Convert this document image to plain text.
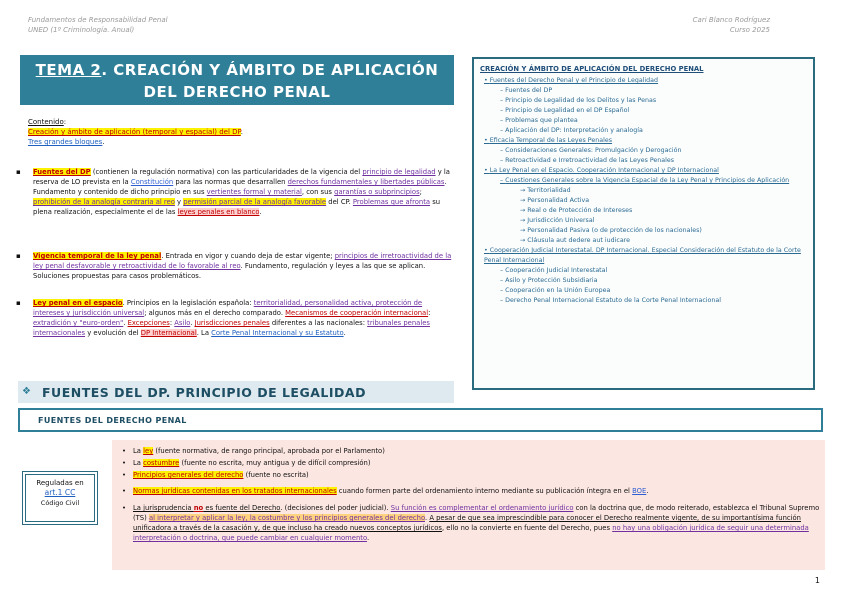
Fundamentos de Responsabilidad Penal
UNED (1º Criminología. Anual)
Cari Blanco Rodríguez
Curso 2025
TEMA 2. CREACIÓN Y ÁMBITO DE APLICACIÓN
DEL DERECHO PENAL
Contenido:
Creación y ámbito de aplicación (temporal y espacial) del DP.
Tres grandes bloques.
▪ Fuentes del DP (contienen la regulación normativa) con las particularidades de la vigencia del principio de legalidad y la reserva de LO prevista en la Constitución para las normas que desarrallen derechos fundamentales y libertades públicas. Fundamento y contenido de dicho principio en sus vertientes formal y material, con sus garantías o subprincipios; prohibición de la analogía contraria al reo y permisión parcial de la analogía favorable del CP. Problemas que afronta su plena realización, especialmente el de las leyes penales en blanco.
▪ Vigencia temporal de la ley penal. Entrada en vigor y cuando deja de estar vigente; principios de irretroactividad de la ley penal desfavorable y retroactividad de lo favorable al reo. Fundamento, regulación y leyes a las que se aplican. Soluciones propuestas para casos problemáticos.
▪ Ley penal en el espacio. Principios en la legislación española: territorialidad, personalidad activa, protección de intereses y jurisdicción universal; algunos más en el derecho comparado. Mecanismos de cooperación internacional: extradición y "euro-orden". Excepciones: Asilo. Jurisdicciones penales diferentes a las nacionales: tribunales penales internacionales y evolución del DP Internacional. La Corte Penal Internacional y su Estatuto.
CREACIÓN Y ÁMBITO DE APLICACIÓN DEL DERECHO PENAL
• Fuentes del Derecho Penal y el Principio de Legalidad
– Fuentes del DP
– Principio de Legalidad de los Delitos y las Penas
– Principio de Legalidad en el DP Español
– Problemas que plantea
– Aplicación del DP: Interpretación y analogía
• Eficacia Temporal de las Leyes Penales
– Consideraciones Generales: Promulgación y Derogación
– Retroactividad e Irretroactividad de las Leyes Penales
• La Ley Penal en el Espacio. Cooperación Internacional y DP Internacional
– Cuestiones Generales sobre la Vigencia Espacial de la Ley Penal y Principios de Aplicación
→ Territorialidad
→ Personalidad Activa
→ Real o de Protección de Intereses
→ Jurisdicción Universal
→ Personalidad Pasiva (o de protección de los nacionales)
→ Cláusula aut dedere aut iudicare
• Cooperación Judicial Interestatal. DP Internacional. Especial Consideración del Estatuto de la Corte Penal Internacional
– Cooperación Judicial Interestatal
– Asilo y Protección Subsidiaria
– Cooperación en la Unión Europea
– Derecho Penal Internacional Estatuto de la Corte Penal Internacional
❖ FUENTES DEL DP. PRINCIPIO DE LEGALIDAD
FUENTES DEL DERECHO PENAL
Reguladas en
art.1 CC
Código Civil
• La ley (fuente normativa, de rango principal, aprobada por el Parlamento)
• La costumbre (fuente no escrita, muy antigua y de difícil compresión)
• Principios generales del derecho (fuente no escrita)
• Normas jurídicas contenidas en los tratados internacionales cuando formen parte del ordenamiento interno mediante su publicación íntegra en el BOE.
• La jurisprudencia no es fuente del Derecho. (decisiones del poder judicial). Su función es complementar el ordenamiento jurídico con la doctrina que, de modo reiterado, establezca el Tribunal Supremo (TS) al interpretar y aplicar la ley, la costumbre y los principios generales del derecho. A pesar de que sea imprescindible para conocer el Derecho realmente vigente, de su importantísima función unificadora a través de la casación y, de que incluso ha creado nuevos conceptos jurídicos, ello no la convierte en fuente del Derecho, pues no hay una obligación jurídica de seguir una determinada interpretación o doctrina, que puede cambiar en cualquier momento.
1
